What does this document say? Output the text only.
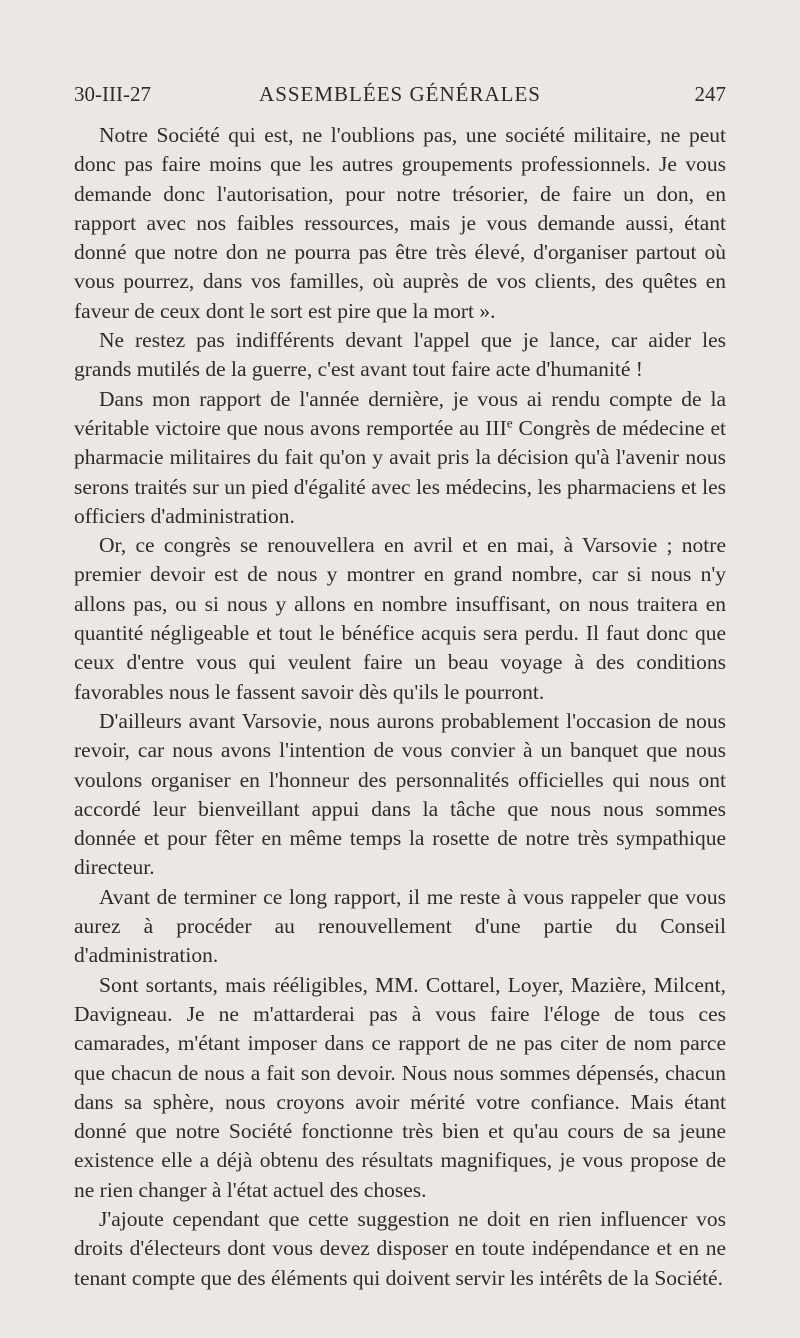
30-III-27	ASSEMBLÉES GÉNÉRALES	247

Notre Société qui est, ne l'oublions pas, une société militaire, ne peut donc pas faire moins que les autres groupements professionnels. Je vous demande donc l'autorisation, pour notre trésorier, de faire un don, en rapport avec nos faibles ressources, mais je vous demande aussi, étant donné que notre don ne pourra pas être très élevé, d'organiser partout où vous pourrez, dans vos familles, où auprès de vos clients, des quêtes en faveur de ceux dont le sort est pire que la mort ».

Ne restez pas indifférents devant l'appel que je lance, car aider les grands mutilés de la guerre, c'est avant tout faire acte d'humanité !

Dans mon rapport de l'année dernière, je vous ai rendu compte de la véritable victoire que nous avons remportée au IIIe Congrès de médecine et pharmacie militaires du fait qu'on y avait pris la décision qu'à l'avenir nous serons traités sur un pied d'égalité avec les médecins, les pharmaciens et les officiers d'administration.

Or, ce congrès se renouvellera en avril et en mai, à Varsovie ; notre premier devoir est de nous y montrer en grand nombre, car si nous n'y allons pas, ou si nous y allons en nombre insuffisant, on nous traitera en quantité négligeable et tout le bénéfice acquis sera perdu. Il faut donc que ceux d'entre vous qui veulent faire un beau voyage à des conditions favorables nous le fassent savoir dès qu'ils le pourront.

D'ailleurs avant Varsovie, nous aurons probablement l'occasion de nous revoir, car nous avons l'intention de vous convier à un banquet que nous voulons organiser en l'honneur des personnalités officielles qui nous ont accordé leur bienveillant appui dans la tâche que nous nous sommes donnée et pour fêter en même temps la rosette de notre très sympathique directeur.

Avant de terminer ce long rapport, il me reste à vous rappeler que vous aurez à procéder au renouvellement d'une partie du Conseil d'administration.

Sont sortants, mais rééligibles, MM. Cottarel, Loyer, Mazière, Milcent, Davigneau. Je ne m'attarderai pas à vous faire l'éloge de tous ces camarades, m'étant imposer dans ce rapport de ne pas citer de nom parce que chacun de nous a fait son devoir. Nous nous sommes dépensés, chacun dans sa sphère, nous croyons avoir mérité votre confiance. Mais étant donné que notre Société fonctionne très bien et qu'au cours de sa jeune existence elle a déjà obtenu des résultats magnifiques, je vous propose de ne rien changer à l'état actuel des choses.

J'ajoute cependant que cette suggestion ne doit en rien influencer vos droits d'électeurs dont vous devez disposer en toute indépendance et en ne tenant compte que des éléments qui doivent servir les intérêts de la Société.
